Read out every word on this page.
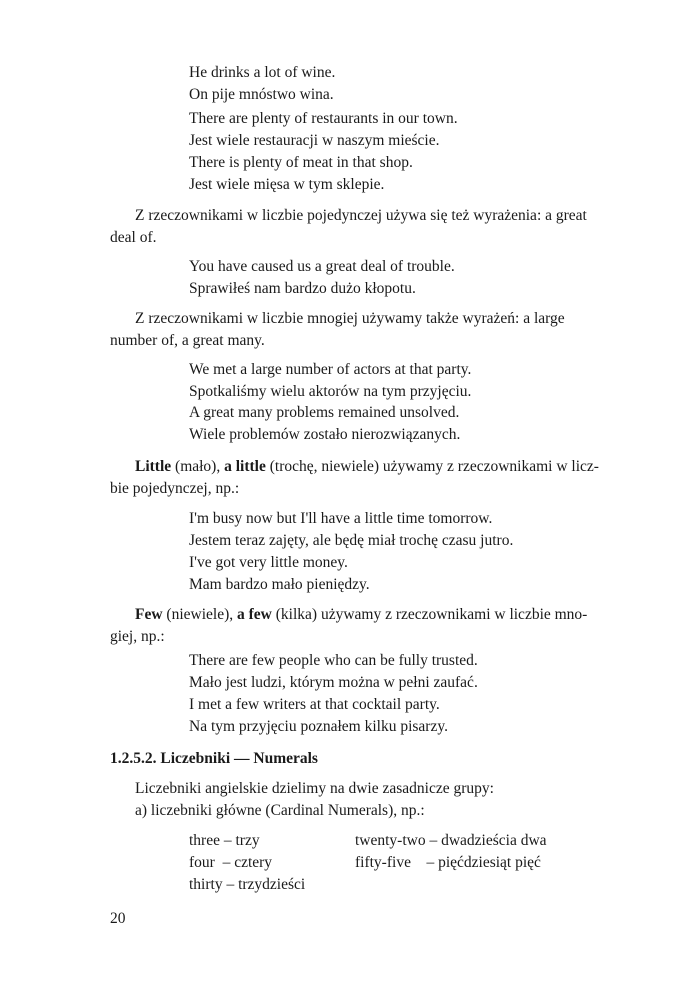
He drinks a lot of wine.
On pije mnóstwo wina.
There are plenty of restaurants in our town.
Jest wiele restauracji w naszym mieście.
There is plenty of meat in that shop.
Jest wiele mięsa w tym sklepie.
Z rzeczownikami w liczbie pojedynczej używa się też wyrażenia: a great
deal of.
You have caused us a great deal of trouble.
Sprawiłeś nam bardzo dużo kłopotu.
Z rzeczownikami w liczbie mnogiej używamy także wyrażeń: a large
number of, a great many.
We met a large number of actors at that party.
Spotkaliśmy wielu aktorów na tym przyjęciu.
A great many problems remained unsolved.
Wiele problemów zostało nierozwiązanych.
Little (mało), a little (trochę, niewiele) używamy z rzeczownikami w licz-
bie pojedynczej, np.:
I'm busy now but I'll have a little time tomorrow.
Jestem teraz zajęty, ale będę miał trochę czasu jutro.
I've got very little money.
Mam bardzo mało pieniędzy.
Few (niewiele), a few (kilka) używamy z rzeczownikami w liczbie mno-
giej, np.:
There are few people who can be fully trusted.
Mało jest ludzi, którym można w pełni zaufać.
I met a few writers at that cocktail party.
Na tym przyjęciu poznałem kilku pisarzy.
1.2.5.2. Liczebniki — Numerals
Liczebniki angielskie dzielimy na dwie zasadnicze grupy:
a) liczebniki główne (Cardinal Numerals), np.:
three – trzy	twenty-two – dwadzieścia dwa
four  – cztery	fifty-five    – pięćdziesiąt pięć
thirty – trzydzieści
20
